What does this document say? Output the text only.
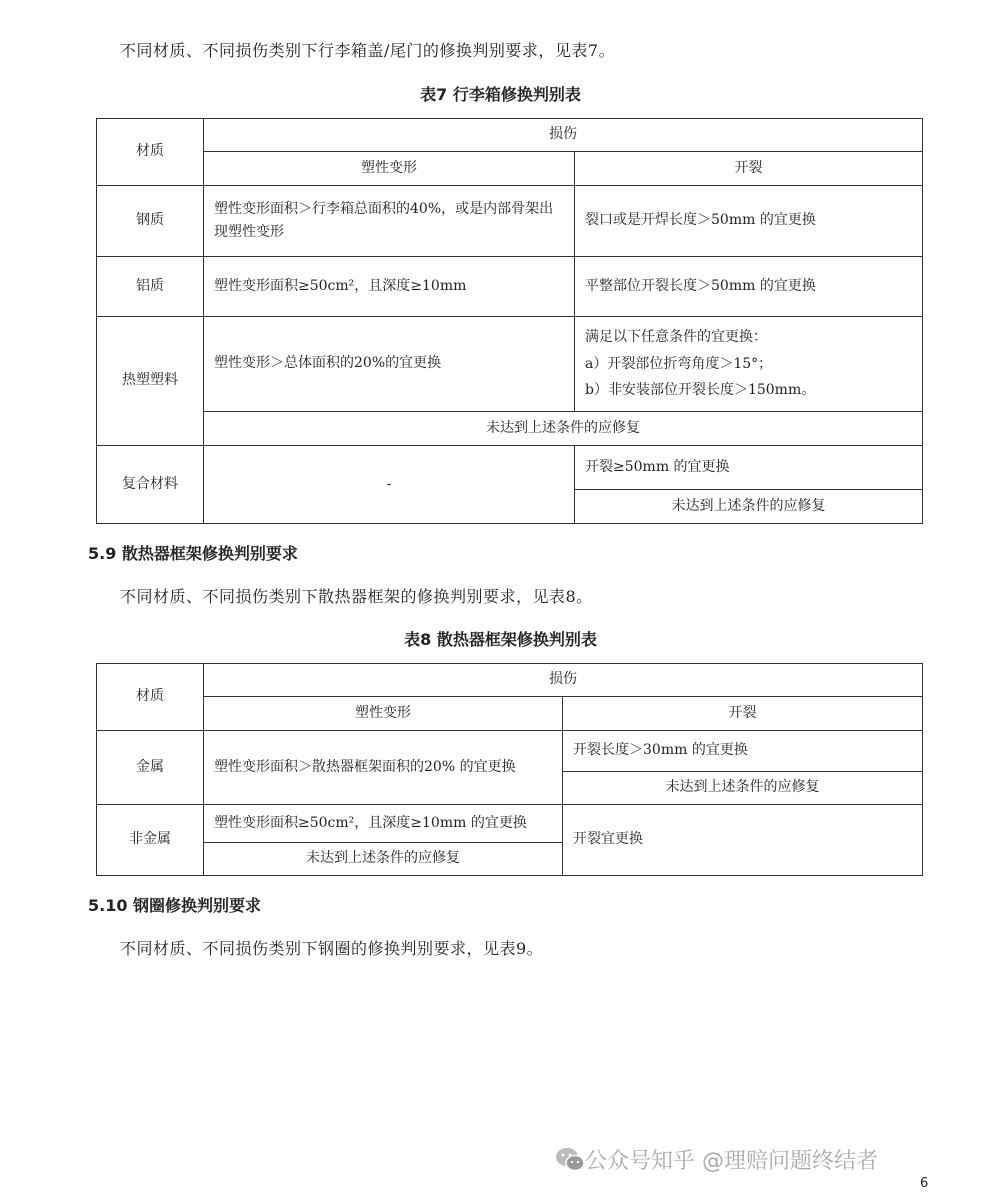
不同材质、不同损伤类别下行李箱盖/尾门的修换判别要求，见表7。
表7 行李箱修换判别表
材质	损伤	
	塑性变形	开裂
钢质	塑性变形面积＞行李箱总面积的40%，或是内部骨架出
现塑性变形	裂口或是开焊长度＞50mm 的宜更换
铝质	塑性变形面积≥50cm²，且深度≥10mm	平整部位开裂长度＞50mm 的宜更换
热塑塑料	塑性变形＞总体面积的20%的宜更换	满足以下任意条件的宜更换：
a）开裂部位折弯角度＞15°；
b）非安装部位开裂长度＞150mm。

	未达到上述条件的应修复	
复合材料	-	开裂≥50mm 的宜更换
		未达到上述条件的应修复
5.9 散热器框架修换判别要求
不同材质、不同损伤类别下散热器框架的修换判别要求，见表8。
表8 散热器框架修换判别表
材质	损伤	
	塑性变形	开裂
金属	塑性变形面积＞散热器框架面积的20% 的宜更换	开裂长度＞30mm 的宜更换
		未达到上述条件的应修复
非金属	塑性变形面积≥50cm²，且深度≥10mm 的宜更换	开裂宜更换
	未达到上述条件的应修复	
5.10 钢圈修换判别要求
不同材质、不同损伤类别下钢圈的修换判别要求，见表9。
公众号知乎 @理赔问题终结者
6
